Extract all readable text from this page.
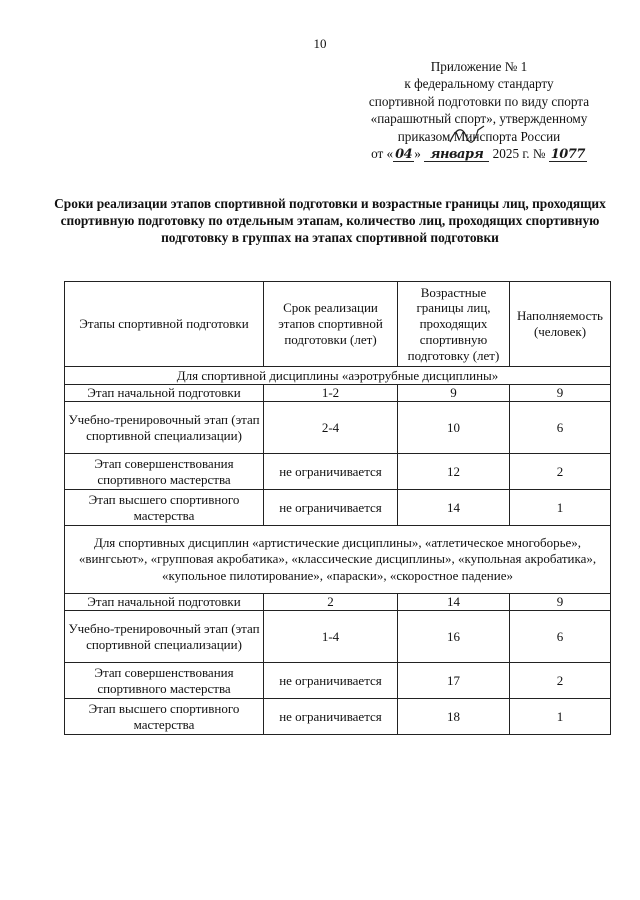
10
Приложение № 1
к федеральному стандарту
спортивной подготовки по виду спорта
«парашютный спорт», утвержденному
приказом Минспорта России
от « 04 » января 2025 г. № 1077
Сроки реализации этапов спортивной подготовки и возрастные границы лиц, проходящих спортивную подготовку по отдельным этапам, количество лиц, проходящих спортивную подготовку в группах на этапах спортивной подготовки
Этапы спортивной подготовки	Срок реализации этапов спортивной подготовки (лет)	Возрастные границы лиц, проходящих спортивную подготовку (лет)	Наполняемость (человек)
Для спортивной дисциплины «аэротрубные дисциплины»			
Этап начальной подготовки	1-2	9	9
Учебно-тренировочный этап (этап спортивной специализации)	2-4	10	6
Этап совершенствования спортивного мастерства	не ограничивается	12	2
Этап высшего спортивного мастерства	не ограничивается	14	1
Для спортивных дисциплин «артистические дисциплины», «атлетическое многоборье», «вингсьют», «групповая акробатика», «классические дисциплины», «купольная акробатика», «купольное пилотирование», «параски», «скоростное падение»			
Этап начальной подготовки	2	14	9
Учебно-тренировочный этап (этап спортивной специализации)	1-4	16	6
Этап совершенствования спортивного мастерства	не ограничивается	17	2
Этап высшего спортивного мастерства	не ограничивается	18	1
